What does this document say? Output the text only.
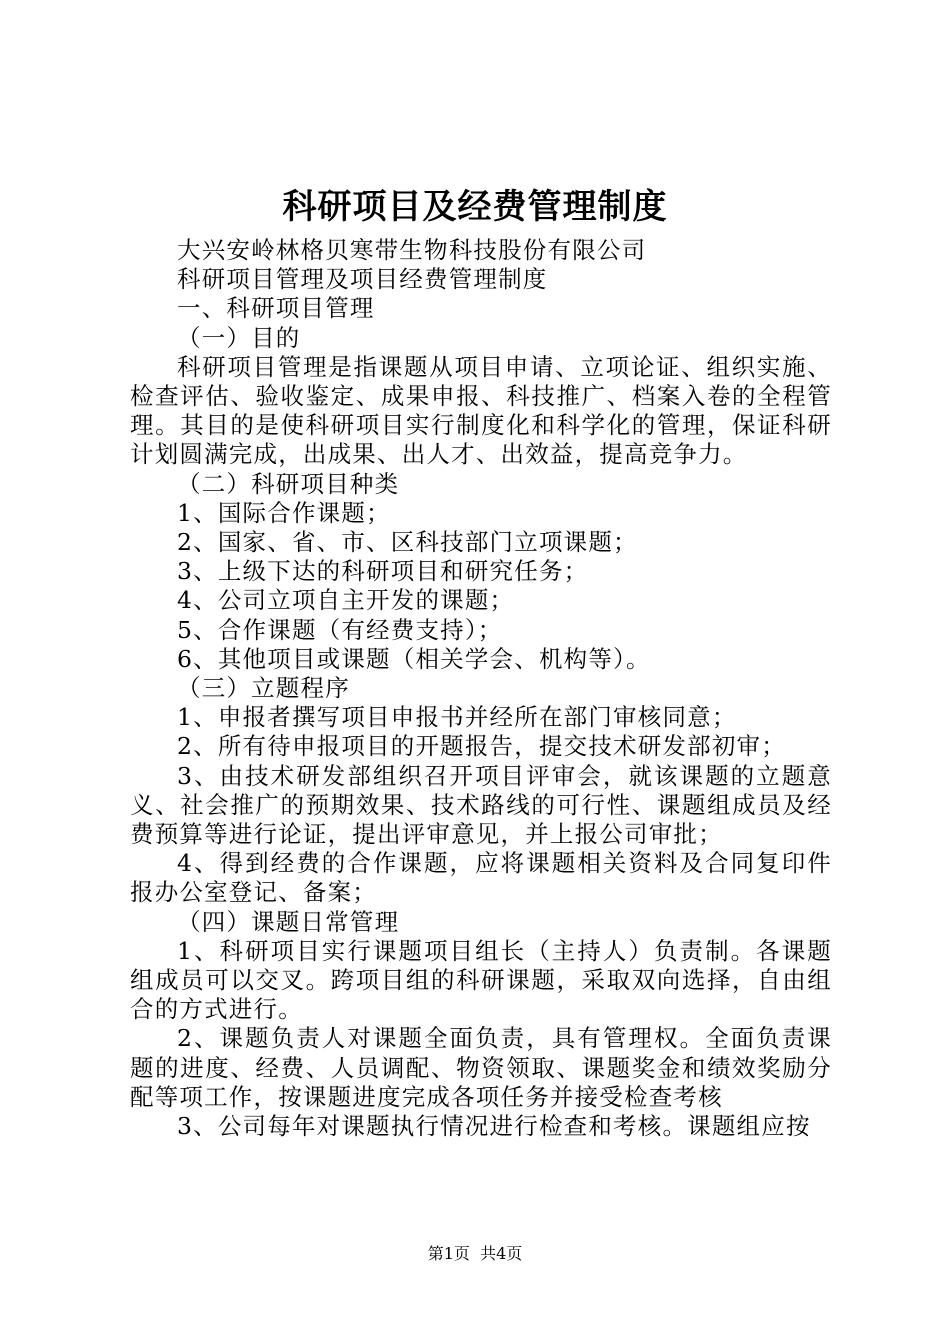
科研项目及经费管理制度

大兴安岭林格贝寒带生物科技股份有限公司

科研项目管理及项目经费管理制度

一、科研项目管理

（一）目的

科研项目管理是指课题从项目申请、立项论证、组织实施、检查评估、验收鉴定、成果申报、科技推广、档案入卷的全程管理。其目的是使科研项目实行制度化和科学化的管理，保证科研计划圆满完成，出成果、出人才、出效益，提高竞争力。

（二）科研项目种类

1、国际合作课题；

2、国家、省、市、区科技部门立项课题；

3、上级下达的科研项目和研究任务；

4、公司立项自主开发的课题；

5、合作课题（有经费支持）；

6、其他项目或课题（相关学会、机构等）。

（三）立题程序

1、申报者撰写项目申报书并经所在部门审核同意；

2、所有待申报项目的开题报告，提交技术研发部初审；

3、由技术研发部组织召开项目评审会，就该课题的立题意义、社会推广的预期效果、技术路线的可行性、课题组成员及经费预算等进行论证，提出评审意见，并上报公司审批；

4、得到经费的合作课题，应将课题相关资料及合同复印件报办公室登记、备案；

（四）课题日常管理

1、科研项目实行课题项目组长（主持人）负责制。各课题组成员可以交叉。跨项目组的科研课题，采取双向选择，自由组合的方式进行。

2、课题负责人对课题全面负责，具有管理权。全面负责课题的进度、经费、人员调配、物资领取、课题奖金和绩效奖励分配等项工作，按课题进度完成各项任务并接受检查考核

3、公司每年对课题执行情况进行检查和考核。课题组应按

第1页  共4页
